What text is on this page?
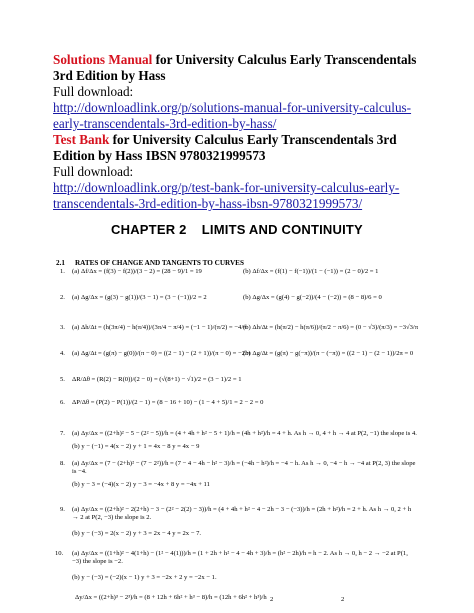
Solutions Manual for University Calculus Early Transcendentals 3rd Edition by Hass
Full download:
http://downloadlink.org/p/solutions-manual-for-university-calculus-early-transcendentals-3rd-edition-by-hass/
Test Bank for University Calculus Early Transcendentals 3rd Edition by Hass IBSN 9780321999573
Full download:
http://downloadlink.org/p/test-bank-for-university-calculus-early-transcendentals-3rd-edition-by-hass-ibsn-9780321999573/
CHAPTER 2    LIMITS AND CONTINUITY
2.1 RATES OF CHANGE AND TANGENTS TO CURVES
1. (a) Δf/Δx = (f(3) − f(2))/(3 − 2) = (28 − 9)/1 = 19	(b) Δf/Δx = (f(1) − f(−1))/(1 − (−1)) = (2 − 0)/2 = 1
2. (a) Δg/Δx = (g(3) − g(1))/(3 − 1) = (3 − (−1))/2 = 2	(b) Δg/Δx = (g(4) − g(−2))/(4 − (−2)) = (8 − 8)/6 = 0
3. (a) Δh/Δt = (h(3π/4) − h(π/4))/(3π/4 − π/4) = (−1 − 1)/(π/2) = −4/π
(b) Δh/Δt = (h(π/2) − h(π/6))/(π/2 − π/6) = (0 − √3)/(π/3) = −3√3/π
4. (a) Δg/Δt = (g(π) − g(0))/(π − 0) = ((2 − 1) − (2 + 1))/(π − 0) = −2/π
(b) Δg/Δt = (g(π) − g(−π))/(π − (−π)) = ((2 − 1) − (2 − 1))/2π = 0
5. ΔR/Δθ = (R(2) − R(0))/(2 − 0) = (√(8+1) − √1)/2 = (3 − 1)/2 = 1
6. ΔP/Δθ = (P(2) − P(1))/(2 − 1) = (8 − 16 + 10) − (1 − 4 + 5)/1 = 2 − 2 = 0
7. (a) Δy/Δx = ((2+h)² − 5 − (2² − 5))/h = (4 + 4h + h² − 5 + 1)/h = (4h + h²)/h = 4 + h. As h → 0, 4 + h → 4 at P(2, −1) the slope is 4.
(b) y − (−1) = 4(x − 2) y + 1 = 4x − 8 y = 4x − 9
8. (a) Δy/Δx = (7 − (2+h)² − (7 − 2²))/h = (7 − 4 − 4h − h² − 3)/h = (−4h − h²)/h = −4 − h. As h → 0, −4 − h → −4 at P(2, 3) the slope is −4.
(b) y − 3 = (−4)(x − 2) y − 3 = −4x + 8 y = −4x + 11
9. (a) Δy/Δx = ((2+h)² − 2(2+h) − 3 − (2² − 2(2) − 3))/h = (4 + 4h + h² − 4 − 2h − 3 − (−3))/h = (2h + h²)/h = 2 + h. As h → 0, 2 + h → 2 at P(2, −3) the slope is 2.
(b) y − (−3) = 2(x − 2) y + 3 = 2x − 4 y = 2x − 7.
10. (a) Δy/Δx = ((1+h)² − 4(1+h) − (1² − 4(1)))/h = (1 + 2h + h² − 4 − 4h + 3)/h = (h² − 2h)/h = h − 2. As h → 0, h − 2 → −2 at P(1, −3) the slope is −2.
(b) y − (−3) = (−2)(x − 1) y + 3 = −2x + 2 y = −2x − 1.
Δy/Δx = ((2+h)³ − 2³)/h = (8 + 12h + 6h² + h³ − 8)/h = (12h + 6h² + h³)/h 2	2
